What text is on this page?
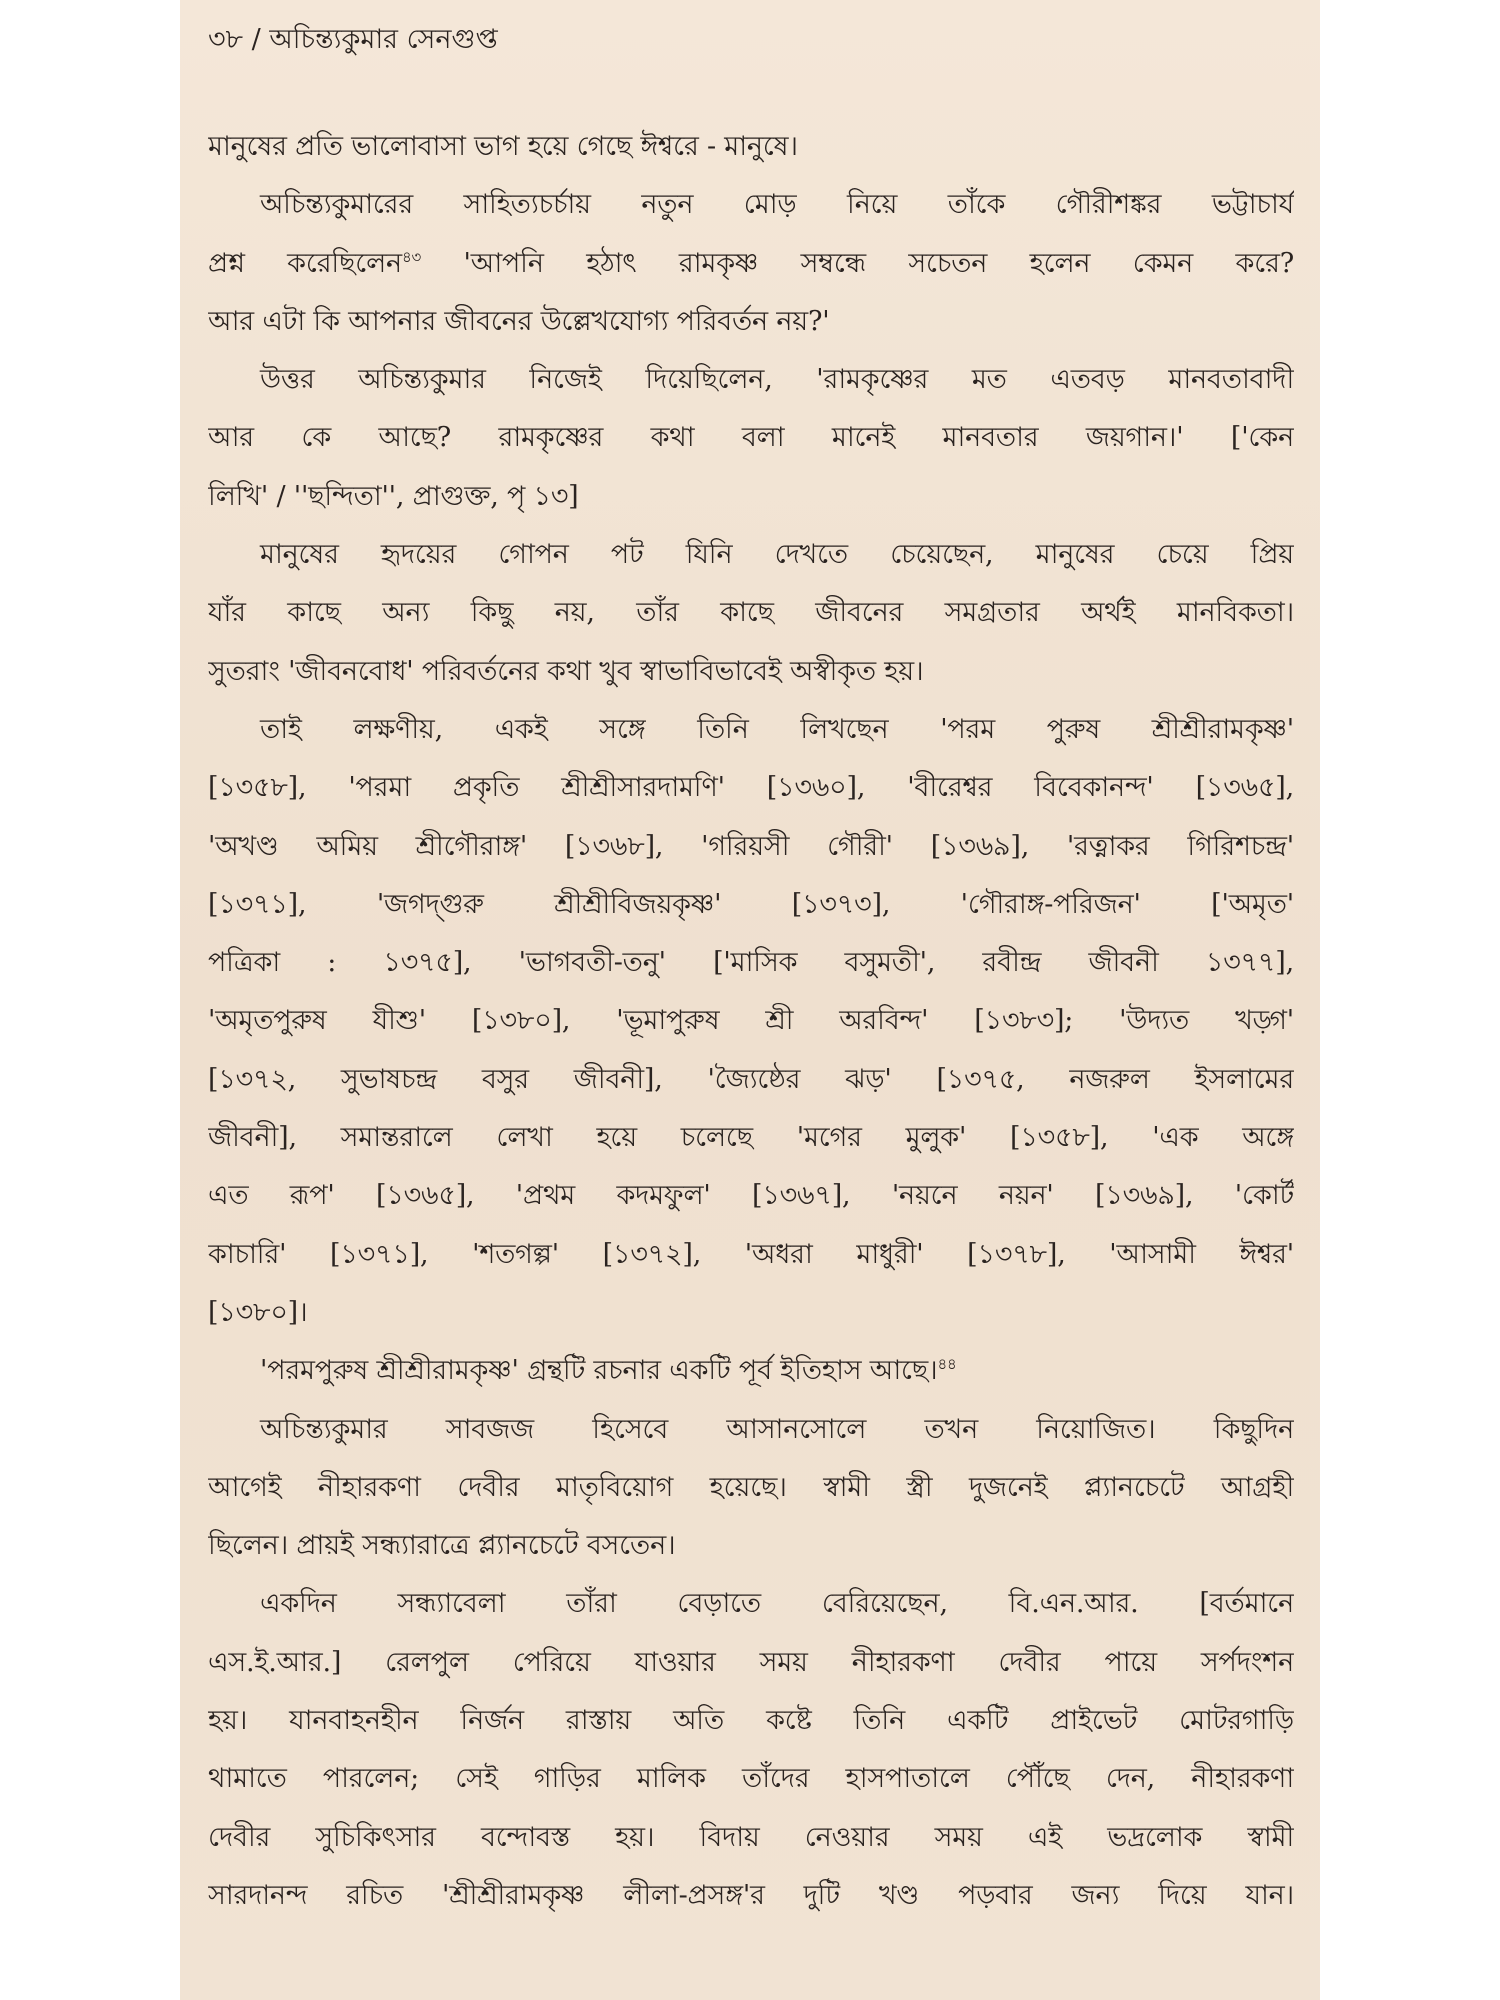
৩৮ / অচিন্ত্যকুমার সেনগুপ্ত
মানুষের প্রতি ভালোবাসা ভাগ হয়ে গেছে ঈশ্বরে - মানুষে।
অচিন্ত্যকুমারের সাহিত্যচর্চায় নতুন মোড় নিয়ে তাঁকে গৌরীশঙ্কর ভট্টাচার্য
প্রশ্ন করেছিলেন$^{৪৩}$ 'আপনি হঠাৎ রামকৃষ্ণ সম্বন্ধে সচেতন হলেন কেমন করে?
আর এটা কি আপনার জীবনের উল্লেখযোগ্য পরিবর্তন নয়?'
উত্তর অচিন্ত্যকুমার নিজেই দিয়েছিলেন, 'রামকৃষ্ণের মত এতবড় মানবতাবাদী
আর কে আছে? রামকৃষ্ণের কথা বলা মানেই মানবতার জয়গান।' ['কেন
লিখি' / ''ছন্দিতা'', প্রাগুক্ত, পৃ ১৩]
মানুষের হৃদয়ের গোপন পট যিনি দেখতে চেয়েছেন, মানুষের চেয়ে প্রিয়
যাঁর কাছে অন্য কিছু নয়, তাঁর কাছে জীবনের সমগ্রতার অর্থই মানবিকতা।
সুতরাং 'জীবনবোধ' পরিবর্তনের কথা খুব স্বাভাবিভাবেই অস্বীকৃত হয়।
তাই লক্ষণীয়, একই সঙ্গে তিনি লিখছেন 'পরম পুরুষ শ্রীশ্রীরামকৃষ্ণ'
[১৩৫৮], 'পরমা প্রকৃতি শ্রীশ্রীসারদামণি' [১৩৬০], 'বীরেশ্বর বিবেকানন্দ' [১৩৬৫],
'অখণ্ড অমিয় শ্রীগৌরাঙ্গ' [১৩৬৮], 'গরিয়সী গৌরী' [১৩৬৯], 'রত্নাকর গিরিশচন্দ্র'
[১৩৭১], 'জগদ্গুরু শ্রীশ্রীবিজয়কৃষ্ণ' [১৩৭৩], 'গৌরাঙ্গ-পরিজন' ['অমৃত'
পত্রিকা : ১৩৭৫], 'ভাগবতী-তনু' ['মাসিক বসুমতী', রবীন্দ্র জীবনী ১৩৭৭],
'অমৃতপুরুষ যীশু' [১৩৮০], 'ভূমাপুরুষ শ্রী অরবিন্দ' [১৩৮৩]; 'উদ্যত খড়্গ'
[১৩৭২, সুভাষচন্দ্র বসুর জীবনী], 'জ্যৈষ্ঠের ঝড়' [১৩৭৫, নজরুল ইসলামের
জীবনী], সমান্তরালে লেখা হয়ে চলেছে 'মগের মুলুক' [১৩৫৮], 'এক অঙ্গে
এত রূপ' [১৩৬৫], 'প্রথম কদমফুল' [১৩৬৭], 'নয়নে নয়ন' [১৩৬৯], 'কোর্ট
কাচারি' [১৩৭১], 'শতগল্প' [১৩৭২], 'অধরা মাধুরী' [১৩৭৮], 'আসামী ঈশ্বর'
[১৩৮০]।
'পরমপুরুষ শ্রীশ্রীরামকৃষ্ণ' গ্রন্থটি রচনার একটি পূর্ব ইতিহাস আছে।$^{৪৪}$
অচিন্ত্যকুমার সাবজজ হিসেবে আসানসোলে তখন নিয়োজিত। কিছুদিন
আগেই নীহারকণা দেবীর মাতৃবিয়োগ হয়েছে। স্বামী স্ত্রী দুজনেই প্ল্যানচেটে আগ্রহী
ছিলেন। প্রায়ই সন্ধ্যারাত্রে প্ল্যানচেটে বসতেন।
একদিন সন্ধ্যাবেলা তাঁরা বেড়াতে বেরিয়েছেন, বি.এন.আর. [বর্তমানে
এস.ই.আর.] রেলপুল পেরিয়ে যাওয়ার সময় নীহারকণা দেবীর পায়ে সর্পদংশন
হয়। যানবাহনহীন নির্জন রাস্তায় অতি কষ্টে তিনি একটি প্রাইভেট মোটরগাড়ি
থামাতে পারলেন; সেই গাড়ির মালিক তাঁদের হাসপাতালে পৌঁছে দেন, নীহারকণা
দেবীর সুচিকিৎসার বন্দোবস্ত হয়। বিদায় নেওয়ার সময় এই ভদ্রলোক স্বামী
সারদানন্দ রচিত 'শ্রীশ্রীরামকৃষ্ণ লীলা-প্রসঙ্গ'র দুটি খণ্ড পড়বার জন্য দিয়ে যান।
